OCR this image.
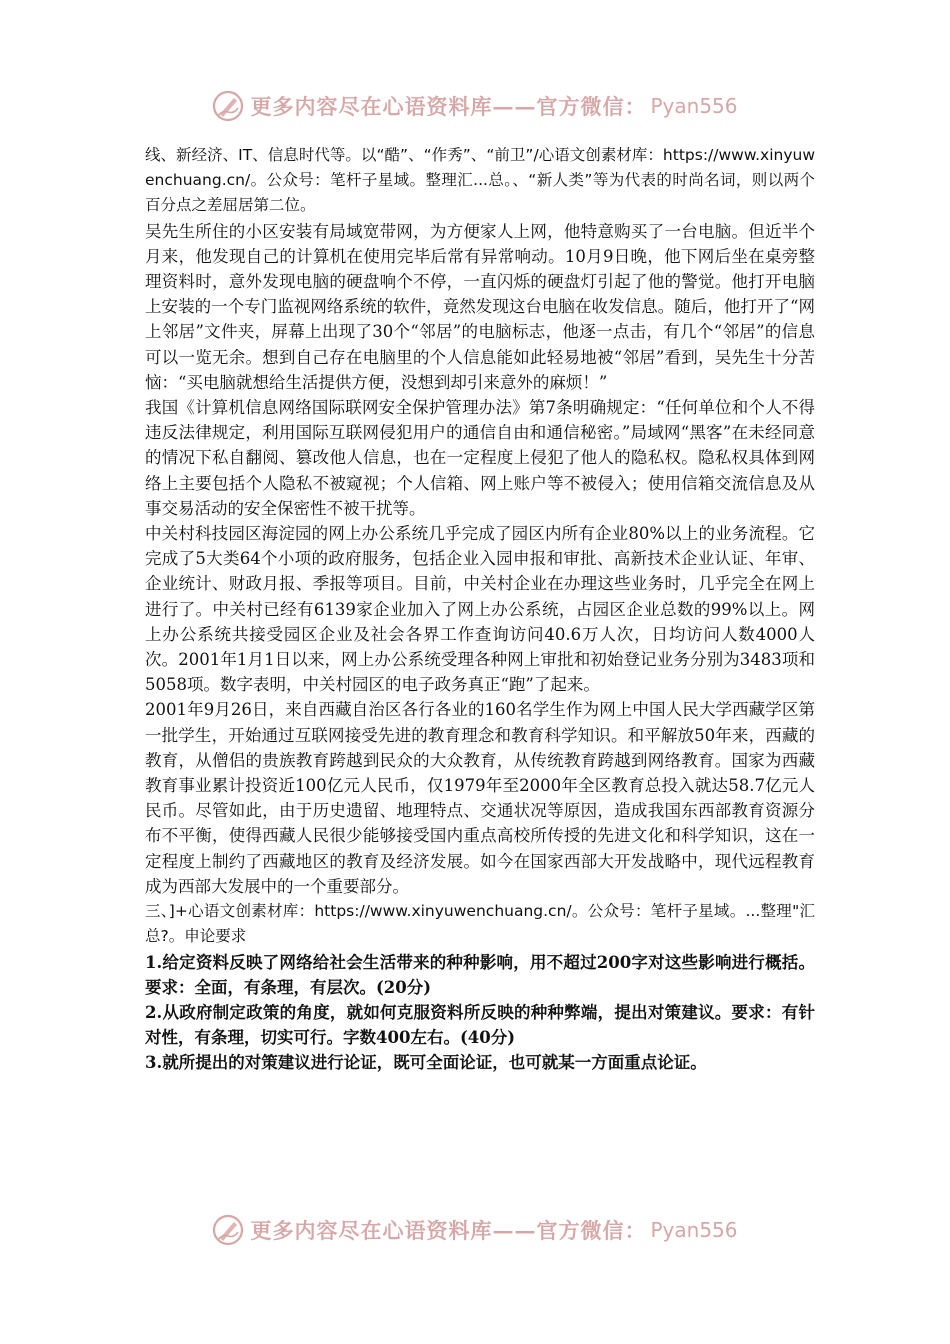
更多内容尽在心语资料库——官方微信： Pyan556

线、新经济、IT、信息时代等。以“酷”、“作秀”、“前卫”/心语文创素材库：https://www.xinyuwenchuang.cn/。公众号：笔杆子星域。整理汇...总。、“新人类”等为代表的时尚名词，则以两个百分点之差屈居第二位。

吴先生所住的小区安装有局域宽带网，为方便家人上网，他特意购买了一台电脑。但近半个月来，他发现自己的计算机在使用完毕后常有异常响动。10月9日晚，他下网后坐在桌旁整理资料时，意外发现电脑的硬盘响个不停，一直闪烁的硬盘灯引起了他的警觉。他打开电脑上安装的一个专门监视网络系统的软件，竟然发现这台电脑在收发信息。随后，他打开了“网上邻居”文件夹，屏幕上出现了30个“邻居”的电脑标志，他逐一点击，有几个“邻居”的信息可以一览无余。想到自己存在电脑里的个人信息能如此轻易地被“邻居”看到，吴先生十分苦恼：“买电脑就想给生活提供方便，没想到却引来意外的麻烦！”

我国《计算机信息网络国际联网安全保护管理办法》第7条明确规定：“任何单位和个人不得违反法律规定，利用国际互联网侵犯用户的通信自由和通信秘密。”局域网“黑客”在未经同意的情况下私自翻阅、篡改他人信息，也在一定程度上侵犯了他人的隐私权。隐私权具体到网络上主要包括个人隐私不被窥视；个人信箱、网上账户等不被侵入；使用信箱交流信息及从事交易活动的安全保密性不被干扰等。

中关村科技园区海淀园的网上办公系统几乎完成了园区内所有企业80%以上的业务流程。它完成了5大类64个小项的政府服务，包括企业入园申报和审批、高新技术企业认证、年审、企业统计、财政月报、季报等项目。目前，中关村企业在办理这些业务时，几乎完全在网上进行了。中关村已经有6139家企业加入了网上办公系统，占园区企业总数的99%以上。网上办公系统共接受园区企业及社会各界工作查询访问40.6万人次，日均访问人数4000人次。2001年1月1日以来，网上办公系统受理各种网上审批和初始登记业务分别为3483项和5058项。数字表明，中关村园区的电子政务真正“跑”了起来。

2001年9月26日，来自西藏自治区各行各业的160名学生作为网上中国人民大学西藏学区第一批学生，开始通过互联网接受先进的教育理念和教育科学知识。和平解放50年来，西藏的教育，从僧侣的贵族教育跨越到民众的大众教育，从传统教育跨越到网络教育。国家为西藏教育事业累计投资近100亿元人民币，仅1979年至2000年全区教育总投入就达58.7亿元人民币。尽管如此，由于历史遗留、地理特点、交通状况等原因，造成我国东西部教育资源分布不平衡，使得西藏人民很少能够接受国内重点高校所传授的先进文化和科学知识，这在一定程度上制约了西藏地区的教育及经济发展。如今在国家西部大开发战略中，现代远程教育成为西部大发展中的一个重要部分。

三、]+心语文创素材库：https://www.xinyuwenchuang.cn/。公众号：笔杆子星域。...整理"汇总?。申论要求

1.给定资料反映了网络给社会生活带来的种种影响，用不超过200字对这些影响进行概括。要求：全面，有条理，有层次。(20分)

2.从政府制定政策的角度，就如何克服资料所反映的种种弊端，提出对策建议。要求：有针对性，有条理，切实可行。字数400左右。(40分)

3.就所提出的对策建议进行论证，既可全面论证，也可就某一方面重点论证。

更多内容尽在心语资料库——官方微信： Pyan556
